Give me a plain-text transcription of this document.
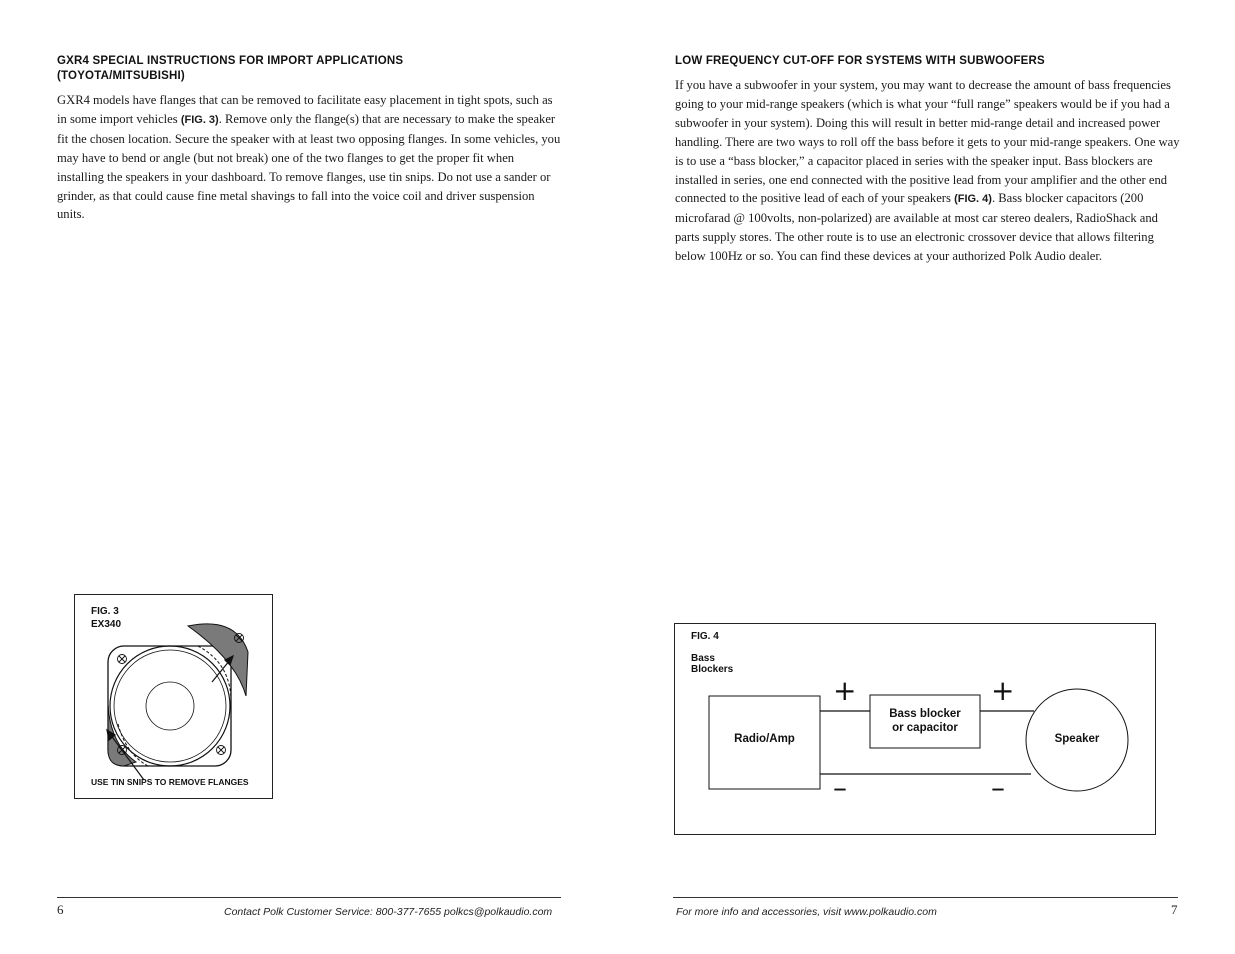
GXR4 SPECIAL INSTRUCTIONS FOR IMPORT APPLICATIONS
(TOYOTA/MITSUBISHI)

GXR4 models have flanges that can be removed to facilitate easy placement in tight spots, such as in some import vehicles (FIG. 3). Remove only the flange(s) that are necessary to make the speaker fit the chosen location. Secure the speaker with at least two opposing flanges. In some vehicles, you may have to bend or angle (but not break) one of the two flanges to get the proper fit when installing the speakers in your dashboard. To remove flanges, use tin snips. Do not use a sander or grinder, as that could cause fine metal shavings to fall into the voice coil and driver suspension units.

FIG. 3
EX340
USE TIN SNIPS TO REMOVE FLANGES
6	Contact Polk Customer Service: 800-377-7655 polkcs@polkaudio.com
LOW FREQUENCY CUT-OFF FOR SYSTEMS WITH SUBWOOFERS

If you have a subwoofer in your system, you may want to decrease the amount of bass frequencies going to your mid-range speakers (which is what your “full range” speakers would be if you had a subwoofer in your system). Doing this will result in better mid-range detail and increased power handling. There are two ways to roll off the bass before it gets to your mid-range speakers. One way is to use a “bass blocker,” a capacitor placed in series with the speaker input. Bass blockers are installed in series, one end connected with the positive lead from your amplifier and the other end connected to the positive lead of each of your speakers (FIG. 4). Bass blocker capacitors (200 microfarad @ 100volts, non-polarized) are available at most car stereo dealers, RadioShack and parts supply stores. The other route is to use an electronic crossover device that allows filtering below 100Hz or so. You can find these devices at your authorized Polk Audio dealer.

FIG. 4

Bass
Blockers
Radio/Amp
Bass blocker
or capacitor
Speaker
+	+
–	–
For more info and accessories, visit www.polkaudio.com	7
